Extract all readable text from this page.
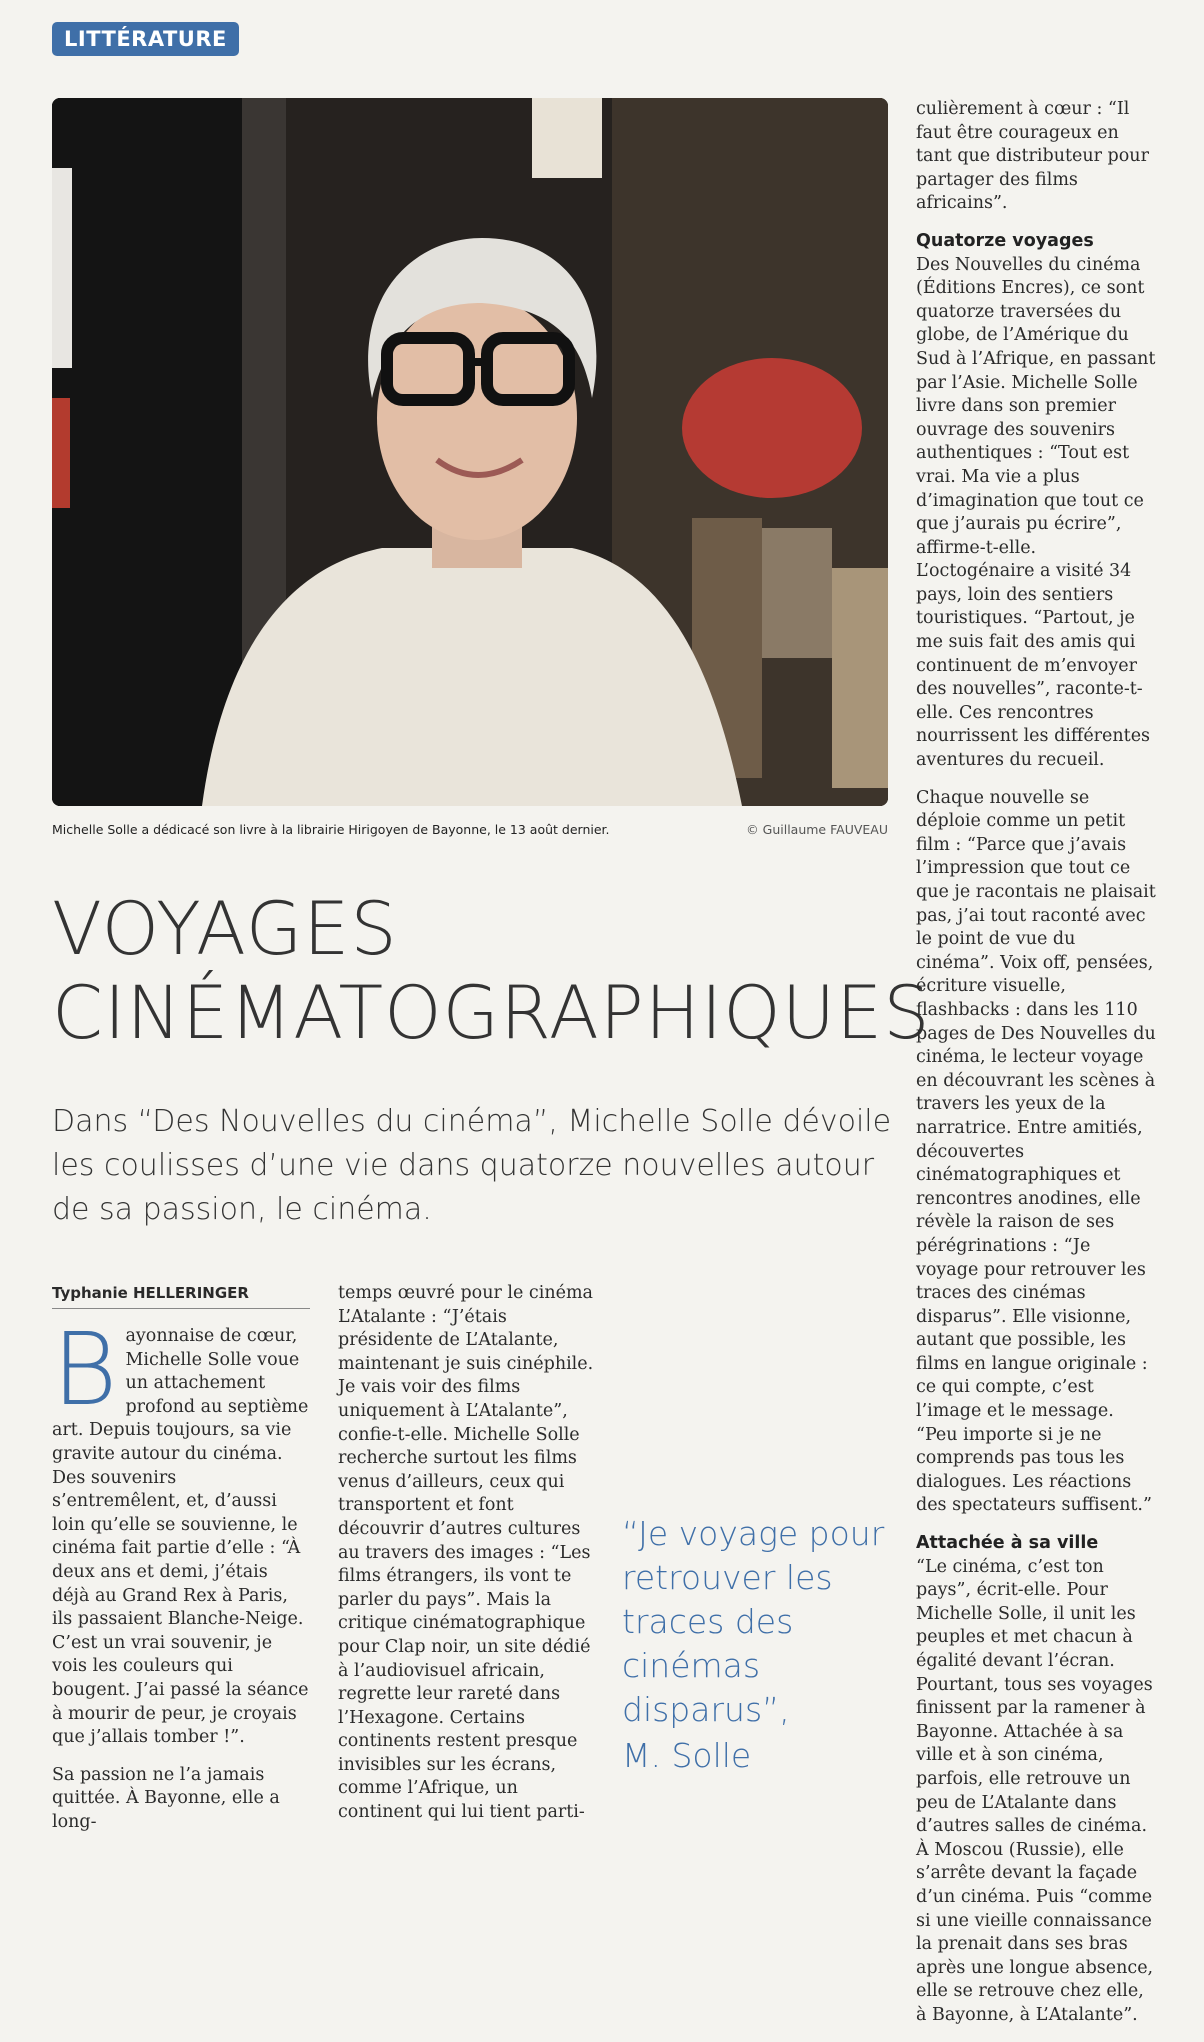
LITTÉRATURE
Michelle Solle a dédicacé son livre à la librairie Hirigoyen de Bayonne, le 13 août dernier.	© Guillaume FAUVEAU
VOYAGES CINÉMATOGRAPHIQUES

Dans “Des Nouvelles du cinéma”, Michelle Solle dévoile les coulisses d’une vie dans quatorze nouvelles autour de sa passion, le cinéma.

Typhanie HELLERINGER

Bayonnaise de cœur, Michelle Solle voue un attachement profond au septième art. Depuis toujours, sa vie gravite autour du cinéma. Des souvenirs s’entremêlent, et, d’aussi loin qu’elle se souvienne, le cinéma fait partie d’elle : “À deux ans et demi, j’étais déjà au Grand Rex à Paris, ils passaient Blanche-Neige. C’est un vrai souvenir, je vois les couleurs qui bougent. J’ai passé la séance à mourir de peur, je croyais que j’allais tomber !”.

Sa passion ne l’a jamais quittée. À Bayonne, elle a long-

temps œuvré pour le cinéma L’Atalante : “J’étais présidente de L’Atalante, maintenant je suis cinéphile. Je vais voir des films uniquement à L’Atalante”, confie-t-elle. Michelle Solle recherche surtout les films venus d’ailleurs, ceux qui transportent et font découvrir d’autres cultures au travers des images : “Les films étrangers, ils vont te parler du pays”. Mais la critique cinématographique pour Clap noir, un site dédié à l’audiovisuel africain, regrette leur rareté dans l’Hexagone. Certains continents restent presque invisibles sur les écrans, comme l’Afrique, un continent qui lui tient parti-

“Je voyage pour retrouver les traces des cinémas disparus”,

M. Solle

culièrement à cœur : “Il faut être courageux en tant que distributeur pour partager des films africains”.

Quatorze voyages

Des Nouvelles du cinéma (Éditions Encres), ce sont quatorze traversées du globe, de l’Amérique du Sud à l’Afrique, en passant par l’Asie. Michelle Solle livre dans son premier ouvrage des souvenirs authentiques : “Tout est vrai. Ma vie a plus d’imagination que tout ce que j’aurais pu écrire”, affirme-t-elle. L’octogénaire a visité 34 pays, loin des sentiers touristiques. “Partout, je me suis fait des amis qui continuent de m’envoyer des nouvelles”, raconte-t-elle. Ces rencontres nourrissent les différentes aventures du recueil.

Chaque nouvelle se déploie comme un petit film : “Parce que j’avais l’impression que tout ce que je racontais ne plaisait pas, j’ai tout raconté avec le point de vue du cinéma”. Voix off, pensées, écriture visuelle, flashbacks : dans les 110 pages de Des Nouvelles du cinéma, le lecteur voyage en découvrant les scènes à travers les yeux de la narratrice. Entre amitiés, découvertes cinématographiques et rencontres anodines, elle révèle la raison de ses pérégrinations : “Je voyage pour retrouver les traces des cinémas disparus”. Elle visionne, autant que possible, les films en langue originale : ce qui compte, c’est l’image et le message. “Peu importe si je ne comprends pas tous les dialogues. Les réactions des spectateurs suffisent.”

Attachée à sa ville

“Le cinéma, c’est ton pays”, écrit-elle. Pour Michelle Solle, il unit les peuples et met chacun à égalité devant l’écran. Pourtant, tous ses voyages finissent par la ramener à Bayonne. Attachée à sa ville et à son cinéma, parfois, elle retrouve un peu de L’Atalante dans d’autres salles de cinéma. À Moscou (Russie), elle s’arrête devant la façade d’un cinéma. Puis “comme si une vieille connaissance la prenait dans ses bras après une longue absence, elle se retrouve chez elle, à Bayonne, à L’Atalante”.
